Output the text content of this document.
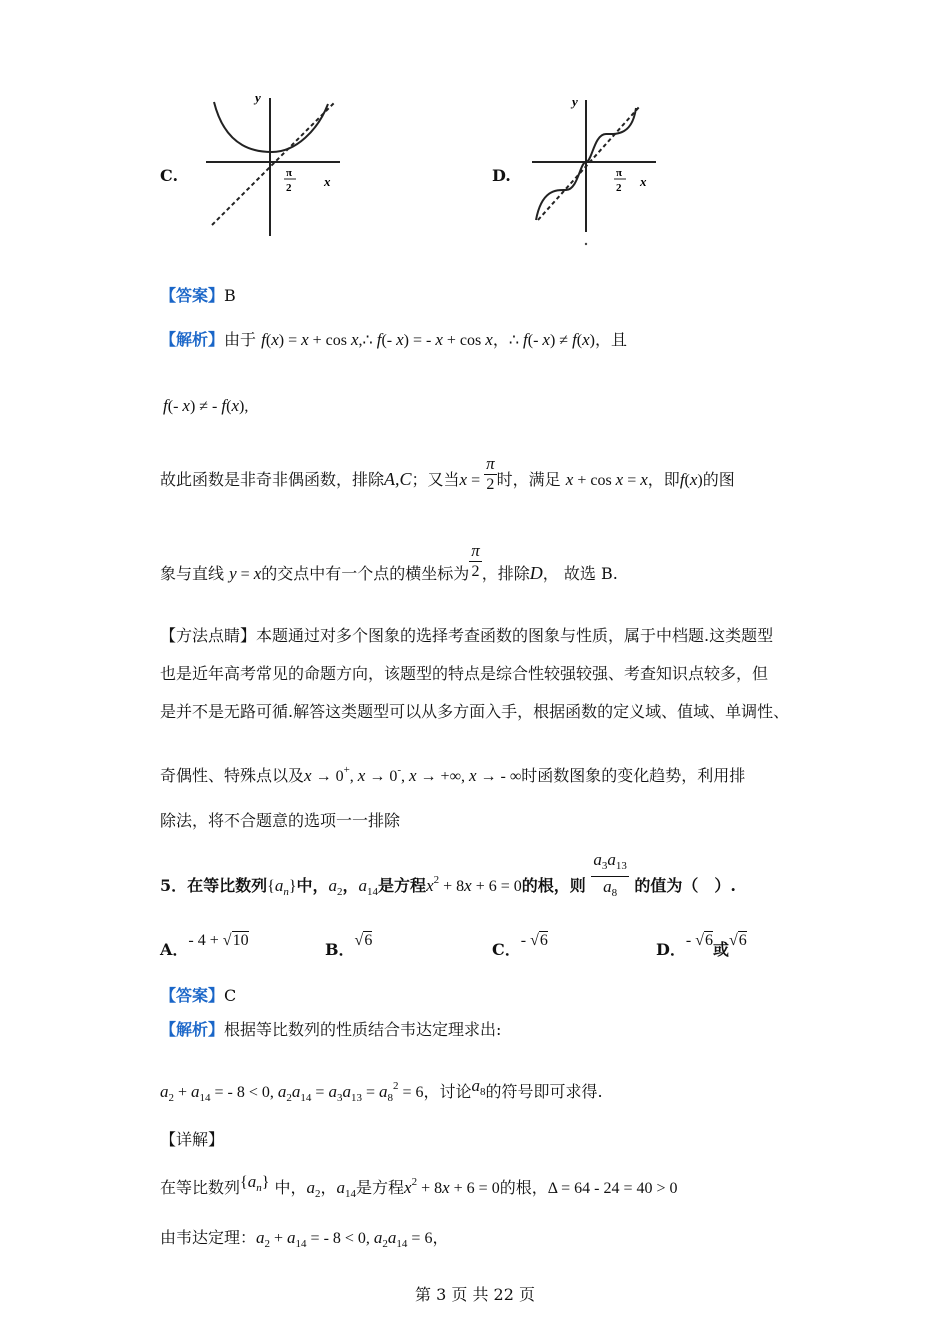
C.
y
x
π
2
D.
y
x
π
2
【答案】B
【解析】由于 f(x) = x + cos x,∴ f(- x) = - x + cos x，∴ f(- x) ≠ f(x)，且
f(- x) ≠ - f(x),
故此函数是非奇非偶函数，排除A,C；又当$x = \frac{\pi}{2}$ 时，满足 x + cos x = x，即f(x)的图
象与直线 y = x的交点中有一个点的横坐标为 $\frac{\pi}{2}$ ，排除D， 故选 B.
【方法点睛】本题通过对多个图象的选择考查函数的图象与性质，属于中档题.这类题型
也是近年高考常见的命题方向，该题型的特点是综合性较强较强、考查知识点较多，但
是并不是无路可循.解答这类题型可以从多方面入手，根据函数的定义域、值域、单调性、
奇偶性、特殊点以及x → 0+, x → 0-, x → +∞, x → - ∞时函数图象的变化趋势，利用排
除法，将不合题意的选项一一排除
5．在等比数列$\{a_n\}$中，$a_2$，$a_{14}$是方程$x^2 + 8x + 6 = 0$的根，则 $\frac{a_3a_{13}}{a_8}$ 的值为（　）.
A．- 4 + √10	B．√6	C．- √6	D．- √6或√6
【答案】C
【解析】根据等比数列的性质结合韦达定理求出:
$a_2 + a_{14}$ = - 8 < 0, $a_2a_{14} = a_3a_{13} = a_8^2 = 6$，讨论$a_8$的符号即可求得.
【详解】
在等比数列$\{a_n\}$ 中，$a_2$，$a_{14}$是方程$x^2 + 8x + 6 = 0$的根，Δ = 64 - 24 = 40 > 0
由韦达定理：$a_2 + a_{14}$ = - 8 < 0, $a_2a_{14} = 6$，
第 3 页 共 22 页
